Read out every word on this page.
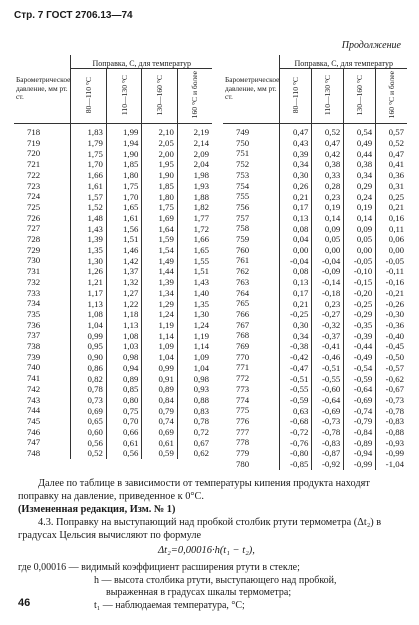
Стр. 7 ГОСТ 2706.13—74
Продолжение
Барометрическое давление, мм рт. ст.	Поправка, С, для температур			
	80—110 °С	110—130 °С	130—160 °С	160 °С и более
718	1,83	1,99	2,10	2,19
719	1,79	1,94	2,05	2,14
720	1,75	1,90	2,00	2,09
721	1,70	1,85	1,95	2,04
722	1,66	1,80	1,90	1,98
723	1,61	1,75	1,85	1,93
724	1,57	1,70	1,80	1,88
725	1,52	1,65	1,75	1,82
726	1,48	1,61	1,69	1,77
727	1,43	1,56	1,64	1,72
728	1,39	1,51	1,59	1,66
729	1,35	1,46	1,54	1,65
730	1,30	1,42	1,49	1,55
731	1,26	1,37	1,44	1,51
732	1,21	1,32	1,39	1,43
733	1,17	1,27	1,34	1,40
734	1,13	1,22	1,29	1,35
735	1,08	1,18	1,24	1,30
736	1,04	1,13	1,19	1,24
737	0,99	1,08	1,14	1,19
738	0,95	1,03	1,09	1,14
739	0,90	0,98	1,04	1,09
740	0,86	0,94	0,99	1,04
741	0,82	0,89	0,91	0,98
742	0,78	0,85	0,89	0,93
743	0,73	0,80	0,84	0,88
744	0,69	0,75	0,79	0,83
745	0,65	0,70	0,74	0,78
746	0,60	0,66	0,69	0,72
747	0,56	0,61	0,61	0,67
748	0,52	0,56	0,59	0,62
Барометрическое давление, мм рт. ст.	Поправка, С, для температур			
	80—110 °С	110—130 °С	130—160 °С	160 °С и более
749	0,47	0,52	0,54	0,57
750	0,43	0,47	0,49	0,52
751	0,39	0,42	0,44	0,47
752	0,34	0,38	0,38	0,41
753	0,30	0,33	0,34	0,36
754	0,26	0,28	0,29	0,31
755	0,21	0,23	0,24	0,25
756	0,17	0,19	0,19	0,21
757	0,13	0,14	0,14	0,16
758	0,08	0,09	0,09	0,11
759	0,04	0,05	0,05	0,06
760	0,00	0,00	0,00	0,00
761	-0,04	-0,04	-0,05	-0,05
762	0,08	-0,09	-0,10	-0,11
763	0,13	-0,14	-0,15	-0,16
764	0,17	-0,18	-0,20	-0,21
765	0,21	0,23	-0,25	-0,26
766	-0,25	-0,27	-0,29	-0,30
767	0,30	-0,32	-0,35	-0,36
768	0,34	-0,37	-0,39	-0,40
769	-0,38	-0,41	-0,44	-0,45
770	-0,42	-0,46	-0,49	-0,50
771	-0,47	-0,51	-0,54	-0,57
772	-0,51	-0,55	-0,59	-0,62
773	-0,55	-0,60	-0,64	-0,67
774	-0,59	-0,64	-0,69	-0,73
775	0,63	-0,69	-0,74	-0,78
776	-0,68	-0,73	-0,79	-0,83
777	-0,72	-0,78	-0,84	-0,88
778	-0,76	-0,83	-0,89	-0,93
779	-0,80	-0,87	-0,94	-0,99
780	-0,85	-0,92	-0,99	-1,04
Далее по таблице в зависимости от температуры кипения продукта находят поправку на давление, приведенное к 0°С.
(Измененная редакция, Изм. № 1)
4.3. Поправку на выступающий над пробкой столбик ртути термометра (Δt₂) в градусах Цельсия вычисляют по формуле
Δt₂=0,00016·h(t₁ − t₂),
где 0,00016 — видимый коэффициент расширения ртути в стекле;
h — высота столбика ртути, выступающего над пробкой,
выраженная в градусах шкалы термометра;
t₁ — наблюдаемая температура, °С;
46
